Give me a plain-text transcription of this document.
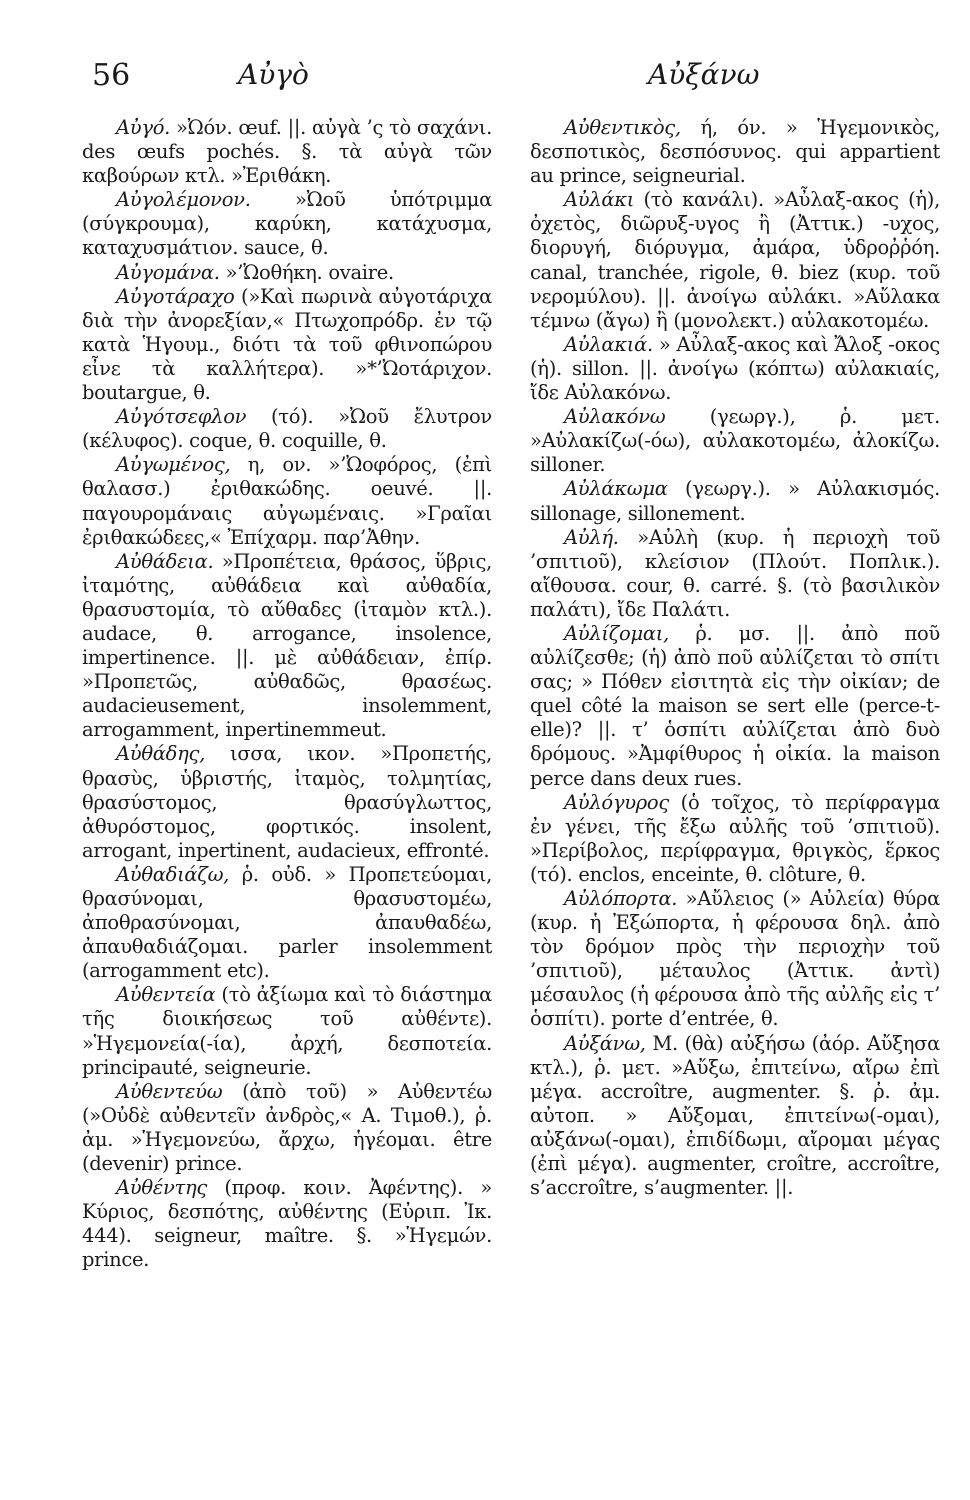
56	Αὐγὸ	Αὐξάνω

Αὐγό. »Ὠόν. œuf. ||. αὐγὰ ’ς τὸ σαχάνι. des œufs pochés. §. τὰ αὐγὰ τῶν καβούρων κτλ. »Ἐριθάκη.

Αὐγολέμονον. »Ὠοῦ ὑπότριμμα (σύγκρουμα), καρύκη, κατάχυσμα, καταχυσμάτιον. sauce, θ.

Αὐγομάνα. »’Ὠοθήκη. ovaire.

Αὐγοτάραχο (»Καὶ πωρινὰ αὐγοτάριχα διὰ τὴν ἀνορεξίαν,« Πτωχοπρόδρ. ἐν τῷ κατὰ Ἡγουμ., διότι τὰ τοῦ φθινοπώρου εἶνε τὰ καλλήτερα). »*’Ὠοτάριχον. boutargue, θ.

Αὐγότσεφλον (τό). »Ὠοῦ ἔλυτρον (κέλυφος). coque, θ. coquille, θ.

Αὐγωμένος, η, ον. »’Ὠοφόρος, (ἐπὶ θαλασσ.) ἐριθακώδης. oeuvé. ||. παγουρομάναις αὐγωμέναις. »Γραῖαι ἐριθακώδεες,« Ἐπίχαρμ. παρ’Ἀθην.

Αὐθάδεια. »Προπέτεια, θράσος, ὕβρις, ἰταμότης, αὐθάδεια καὶ αὐθαδία, θρασυστομία, τὸ αὔθαδες (ἰταμὸν κτλ.). audace, θ. arrogance, insolence, impertinence. ||. μὲ αὐθάδειαν, ἐπίρ. »Προπετῶς, αὐθαδῶς, θρασέως. audacieusement, insolemment, arrogamment, inpertinemmeut.

Αὐθάδης, ισσα, ικον. »Προπετής, θρασὺς, ὑβριστής, ἰταμὸς, τολμητίας, θρασύστομος, θρασύγλωττος, ἀθυρόστομος, φορτικός. insolent, arrogant, inpertinent, audacieux, effronté.

Αὐθαδιάζω, ῥ. οὐδ. » Προπετεύομαι, θρασύνομαι, θρασυστομέω, ἀποθρασύνομαι, ἀπαυθαδέω, ἀπαυθαδιάζομαι. parler insolemment (arrogamment etc).

Αὐθεντεία (τὸ ἀξίωμα καὶ τὸ διάστημα τῆς διοικήσεως τοῦ αὐθέντε). »Ἡγεμονεία(-ία), ἀρχή, δεσποτεία. principauté, seigneurie.

Αὐθεντεύω (ἀπὸ τοῦ) » Αὐθεντέω (»Οὐδὲ αὐθεντεῖν ἀνδρὸς,« Α. Τιμοθ.), ῥ. ἀμ. »Ἡγεμονεύω, ἄρχω, ἡγέομαι. être (devenir) prince.

Αὐθέντης (προφ. κοιν. Ἀφέντης). » Κύριος, δεσπότης, αὐθέντης (Εὐριπ. Ἰκ. 444). seigneur, maître. §. »Ἡγεμών. prince.

Αὐθεντικὸς, ή, όν. » Ἡγεμονικὸς, δεσποτικὸς, δεσπόσυνος. qui appartient au prince, seigneurial.

Αὐλάκι (τὸ κανάλι). »Αὖλαξ-ακος (ἡ), ὀχετὸς, διῶρυξ-υγος ἢ (Ἀττικ.) -υχος, διορυγή, διόρυγμα, ἀμάρα, ὑδροῤῥόη. canal, tranchée, rigole, θ. biez (κυρ. τοῦ νερομύλου). ||. ἀνοίγω αὐλάκι. »Αὔλακα τέμνω (ἄγω) ἢ (μονολεκτ.) αὐλακοτομέω.

Αὐλακιά. » Αὖλαξ-ακος καὶ Ἄλοξ -οκος (ἡ). sillon. ||. ἀνοίγω (κόπτω) αὐλακιαίς, ἴδε Αὐλακόνω.

Αὐλακόνω (γεωργ.), ῥ. μετ. »Αὐλακίζω(-όω), αὐλακοτομέω, ἀλοκίζω. silloner.

Αὐλάκωμα (γεωργ.). » Αὐλακισμός. sillonage, sillonement.

Αὐλή. »Αὐλὴ (κυρ. ἡ περιοχὴ τοῦ ’σπιτιοῦ), κλείσιον (Πλούτ. Ποπλικ.). αἴθουσα. cour, θ. carré. §. (τὸ βασιλικὸν παλάτι), ἴδε Παλάτι.

Αὐλίζομαι, ῥ. μσ. ||. ἀπὸ ποῦ αὐλίζεσθε; (ἡ) ἀπὸ ποῦ αὐλίζεται τὸ σπίτι σας; » Πόθεν εἰσιτητὰ εἰς τὴν οἰκίαν; de quel côté la maison se sert elle (perce-t-elle)? ||. τ’ ὁσπίτι αὐλίζεται ἀπὸ δυὸ δρόμους. »Ἀμφίθυρος ἡ οἰκία. la maison perce dans deux rues.

Αὐλόγυρος (ὁ τοῖχος, τὸ περίφραγμα ἐν γένει, τῆς ἔξω αὐλῆς τοῦ ’σπιτιοῦ). »Περίβολος, περίφραγμα, θριγκὸς, ἕρκος (τό). enclos, enceinte, θ. clôture, θ.

Αὐλόπορτα. »Αὔλειος (» Αὐλεία) θύρα (κυρ. ἡ Ἐξώπορτα, ἡ φέρουσα δηλ. ἀπὸ τὸν δρόμον πρὸς τὴν περιοχὴν τοῦ ’σπιτιοῦ), μέταυλος (Ἀττικ. ἀντὶ) μέσαυλος (ἡ φέρουσα ἀπὸ τῆς αὐλῆς εἰς τ’ ὁσπίτι). porte d’entrée, θ.

Αὐξάνω, Μ. (θὰ) αὐξήσω (ἀόρ. Αὔξησα κτλ.), ῥ. μετ. »Αὔξω, ἐπιτείνω, αἴρω ἐπὶ μέγα. accroître, augmenter. §. ῥ. ἀμ. αὐτοπ. » Αὔξομαι, ἐπιτείνω(-ομαι), αὐξάνω(-ομαι), ἐπιδίδωμι, αἴρομαι μέγας (ἐπὶ μέγα). augmenter, croître, accroître, s’accroître, s’augmenter. ||.
